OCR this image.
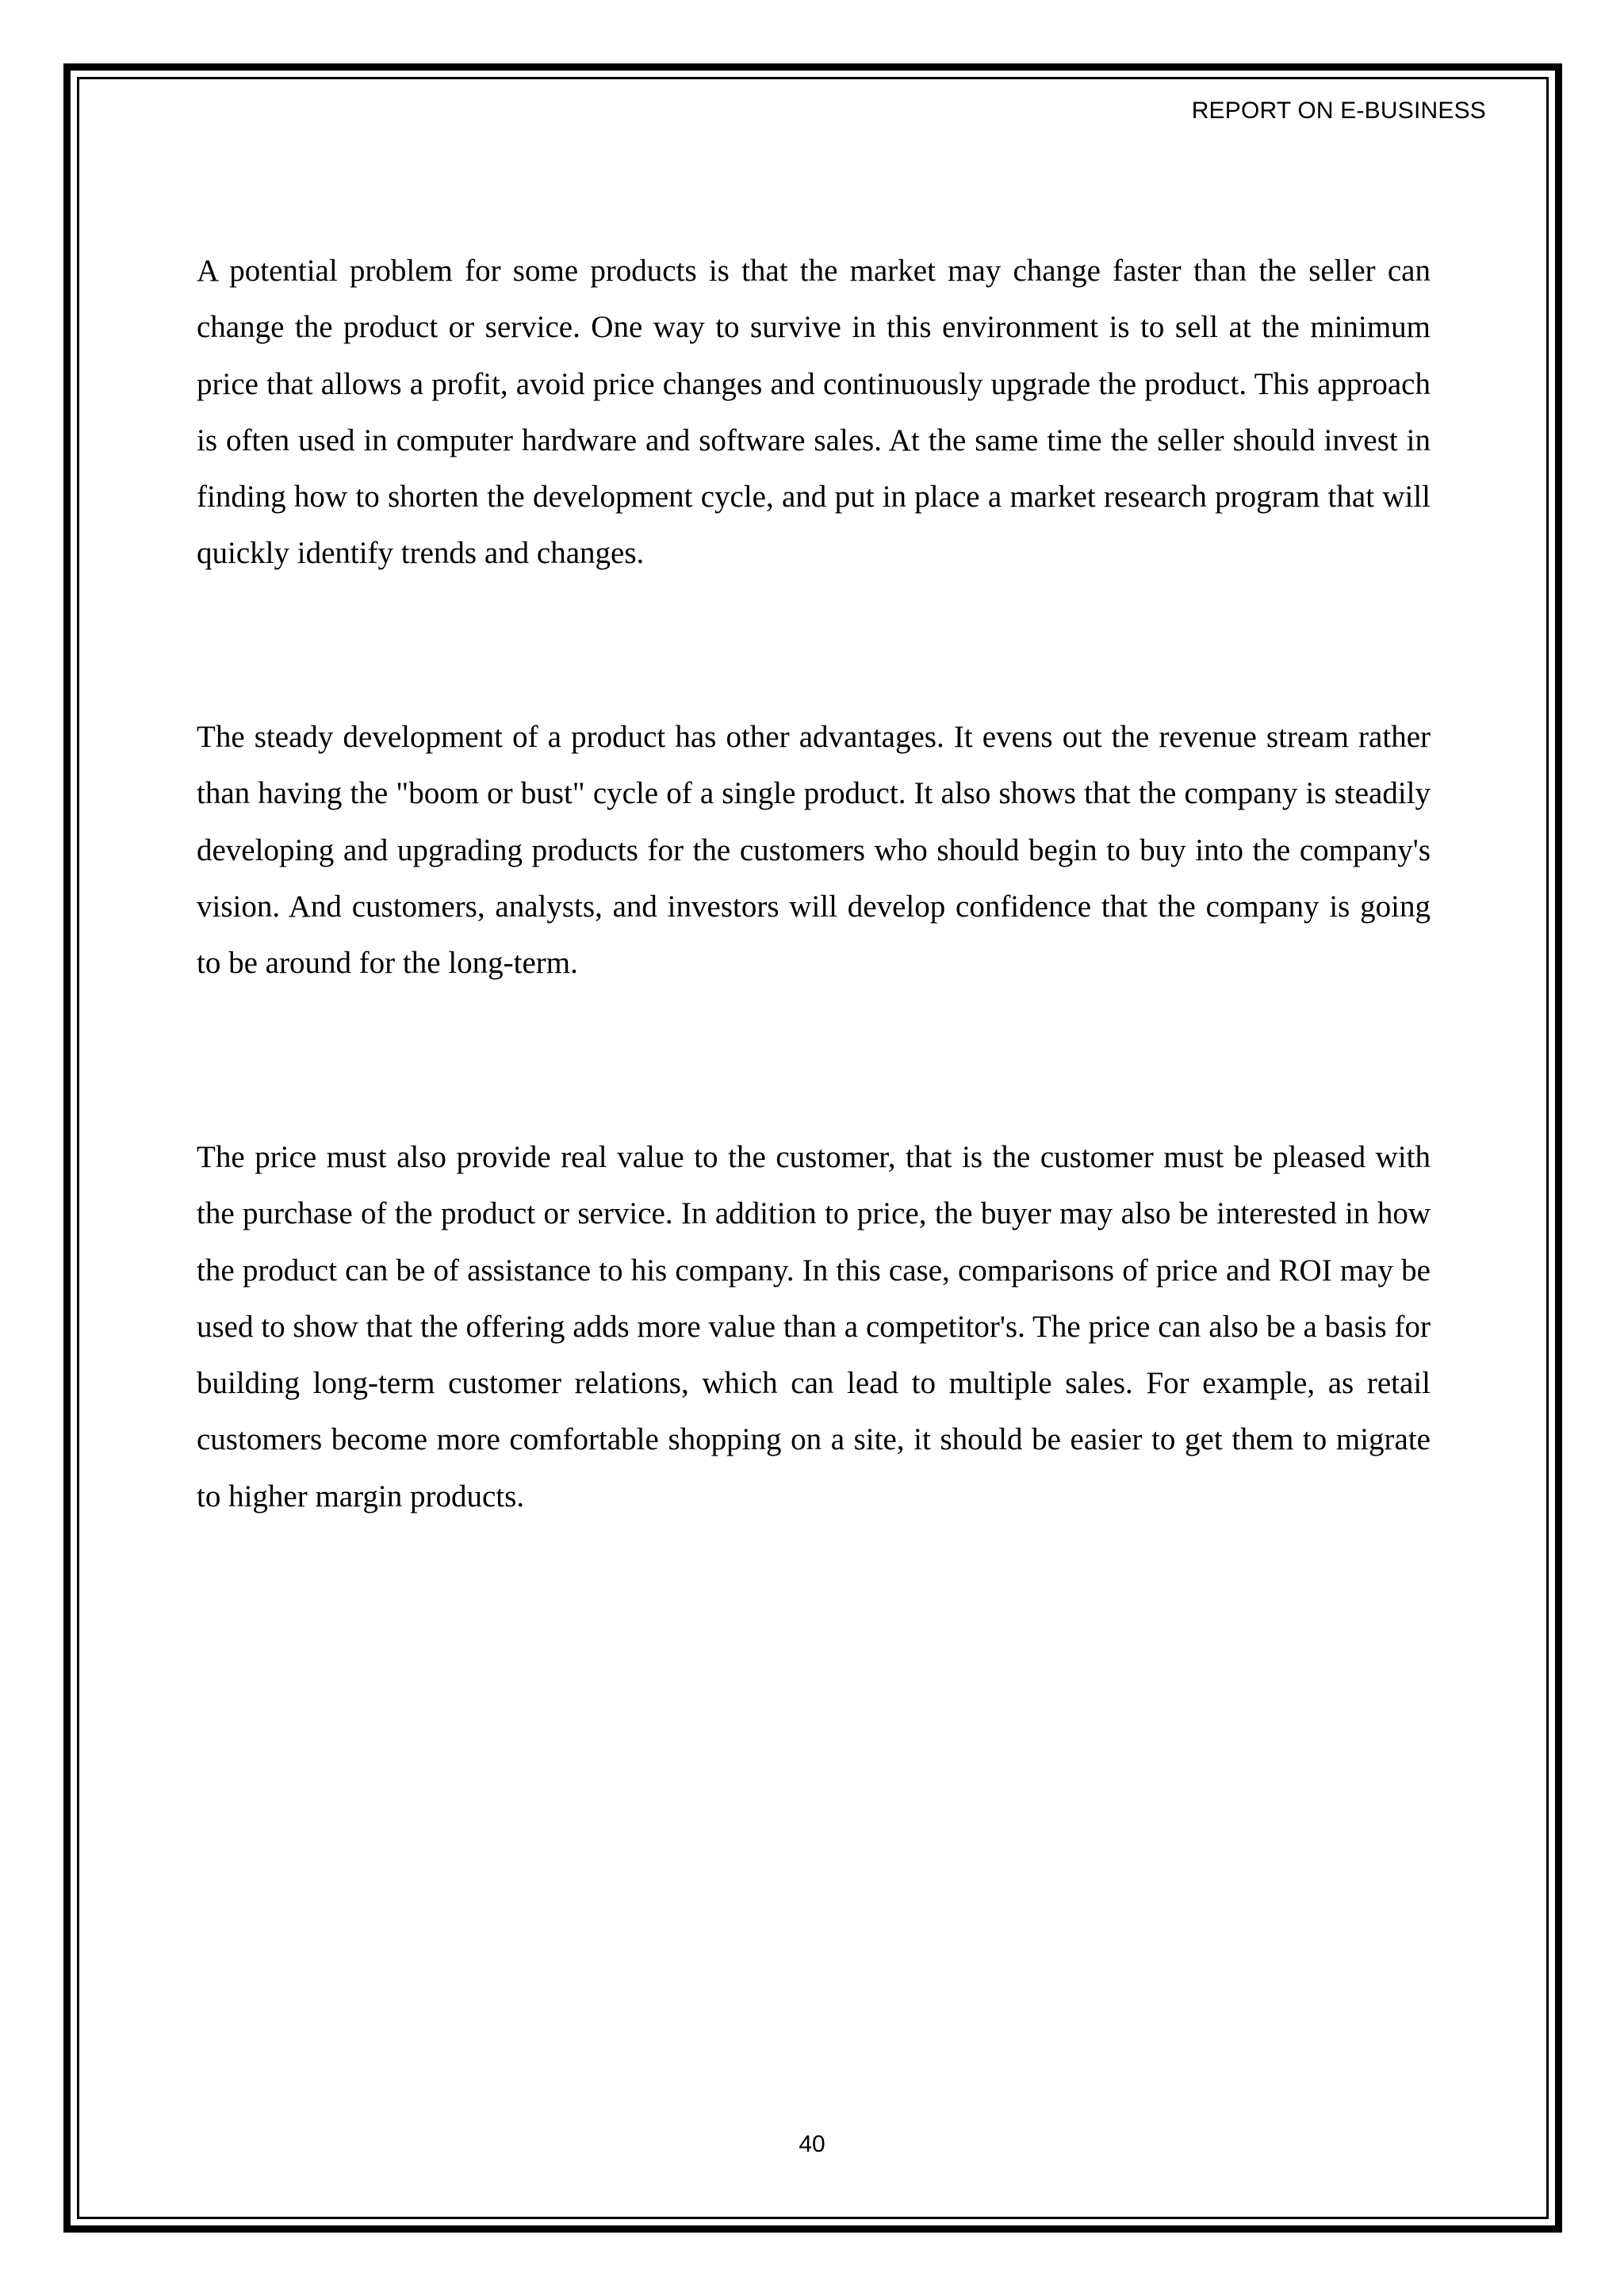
REPORT ON E-BUSINESS

A potential problem for some products is that the market may change faster than the seller can change the product or service. One way to survive in this environment is to sell at the minimum price that allows a profit, avoid price changes and continuously upgrade the product. This approach is often used in computer hardware and software sales. At the same time the seller should invest in finding how to shorten the development cycle, and put in place a market research program that will quickly identify trends and changes.

The steady development of a product has other advantages. It evens out the revenue stream rather than having the "boom or bust" cycle of a single product. It also shows that the company is steadily developing and upgrading products for the customers who should begin to buy into the company's vision. And customers, analysts, and investors will develop confidence that the company is going to be around for the long-term.

The price must also provide real value to the customer, that is the customer must be pleased with the purchase of the product or service. In addition to price, the buyer may also be interested in how the product can be of assistance to his company. In this case, comparisons of price and ROI may be used to show that the offering adds more value than a competitor's. The price can also be a basis for building long-term customer relations, which can lead to multiple sales. For example, as retail customers become more comfortable shopping on a site, it should be easier to get them to migrate to higher margin products.

40
